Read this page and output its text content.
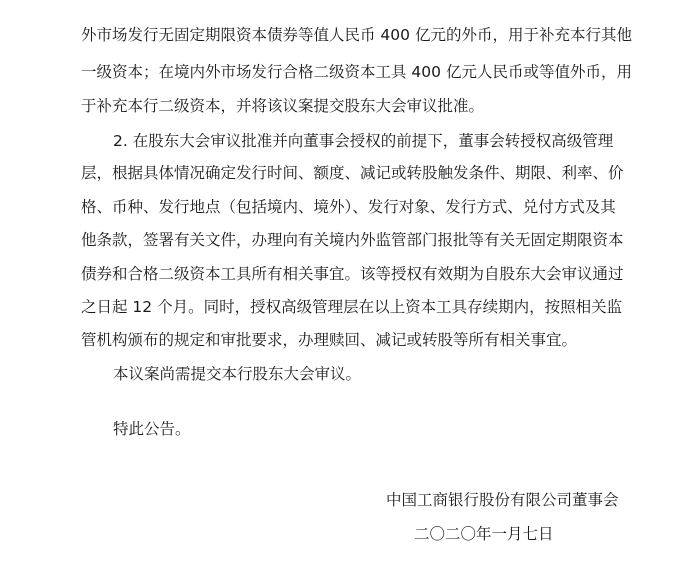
外市场发行无固定期限资本债券等值人民币 400 亿元的外币，用于补充本行其他
一级资本；在境内外市场发行合格二级资本工具 400 亿元人民币或等值外币，用
于补充本行二级资本，并将该议案提交股东大会审议批准。
2. 在股东大会审议批准并向董事会授权的前提下，董事会转授权高级管理
层，根据具体情况确定发行时间、额度、减记或转股触发条件、期限、利率、价
格、币种、发行地点（包括境内、境外）、发行对象、发行方式、兑付方式及其
他条款，签署有关文件，办理向有关境内外监管部门报批等有关无固定期限资本
债券和合格二级资本工具所有相关事宜。该等授权有效期为自股东大会审议通过
之日起 12 个月。同时，授权高级管理层在以上资本工具存续期内，按照相关监
管机构颁布的规定和审批要求，办理赎回、减记或转股等所有相关事宜。
本议案尚需提交本行股东大会审议。
特此公告。
中国工商银行股份有限公司董事会
二〇二〇年一月七日
